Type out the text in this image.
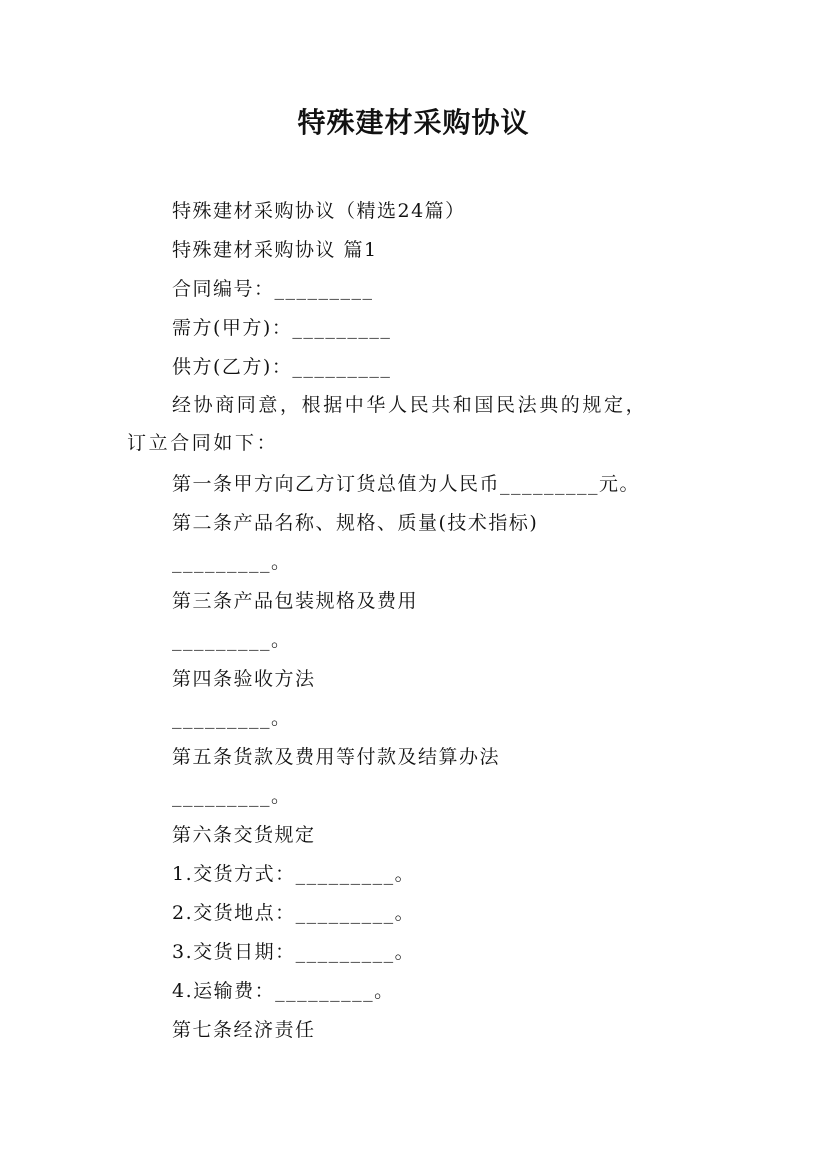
特殊建材采购协议
特殊建材采购协议（精选24篇）
特殊建材采购协议 篇1
合同编号：_________
需方(甲方)：_________
供方(乙方)：_________
经协商同意，根据中华人民共和国民法典的规定，订立合同如下：
第一条甲方向乙方订货总值为人民币_________元。
第二条产品名称、规格、质量(技术指标)
_________。
第三条产品包装规格及费用
_________。
第四条验收方法
_________。
第五条货款及费用等付款及结算办法
_________。
第六条交货规定
1.交货方式：_________。
2.交货地点：_________。
3.交货日期：_________。
4.运输费：_________。
第七条经济责任
